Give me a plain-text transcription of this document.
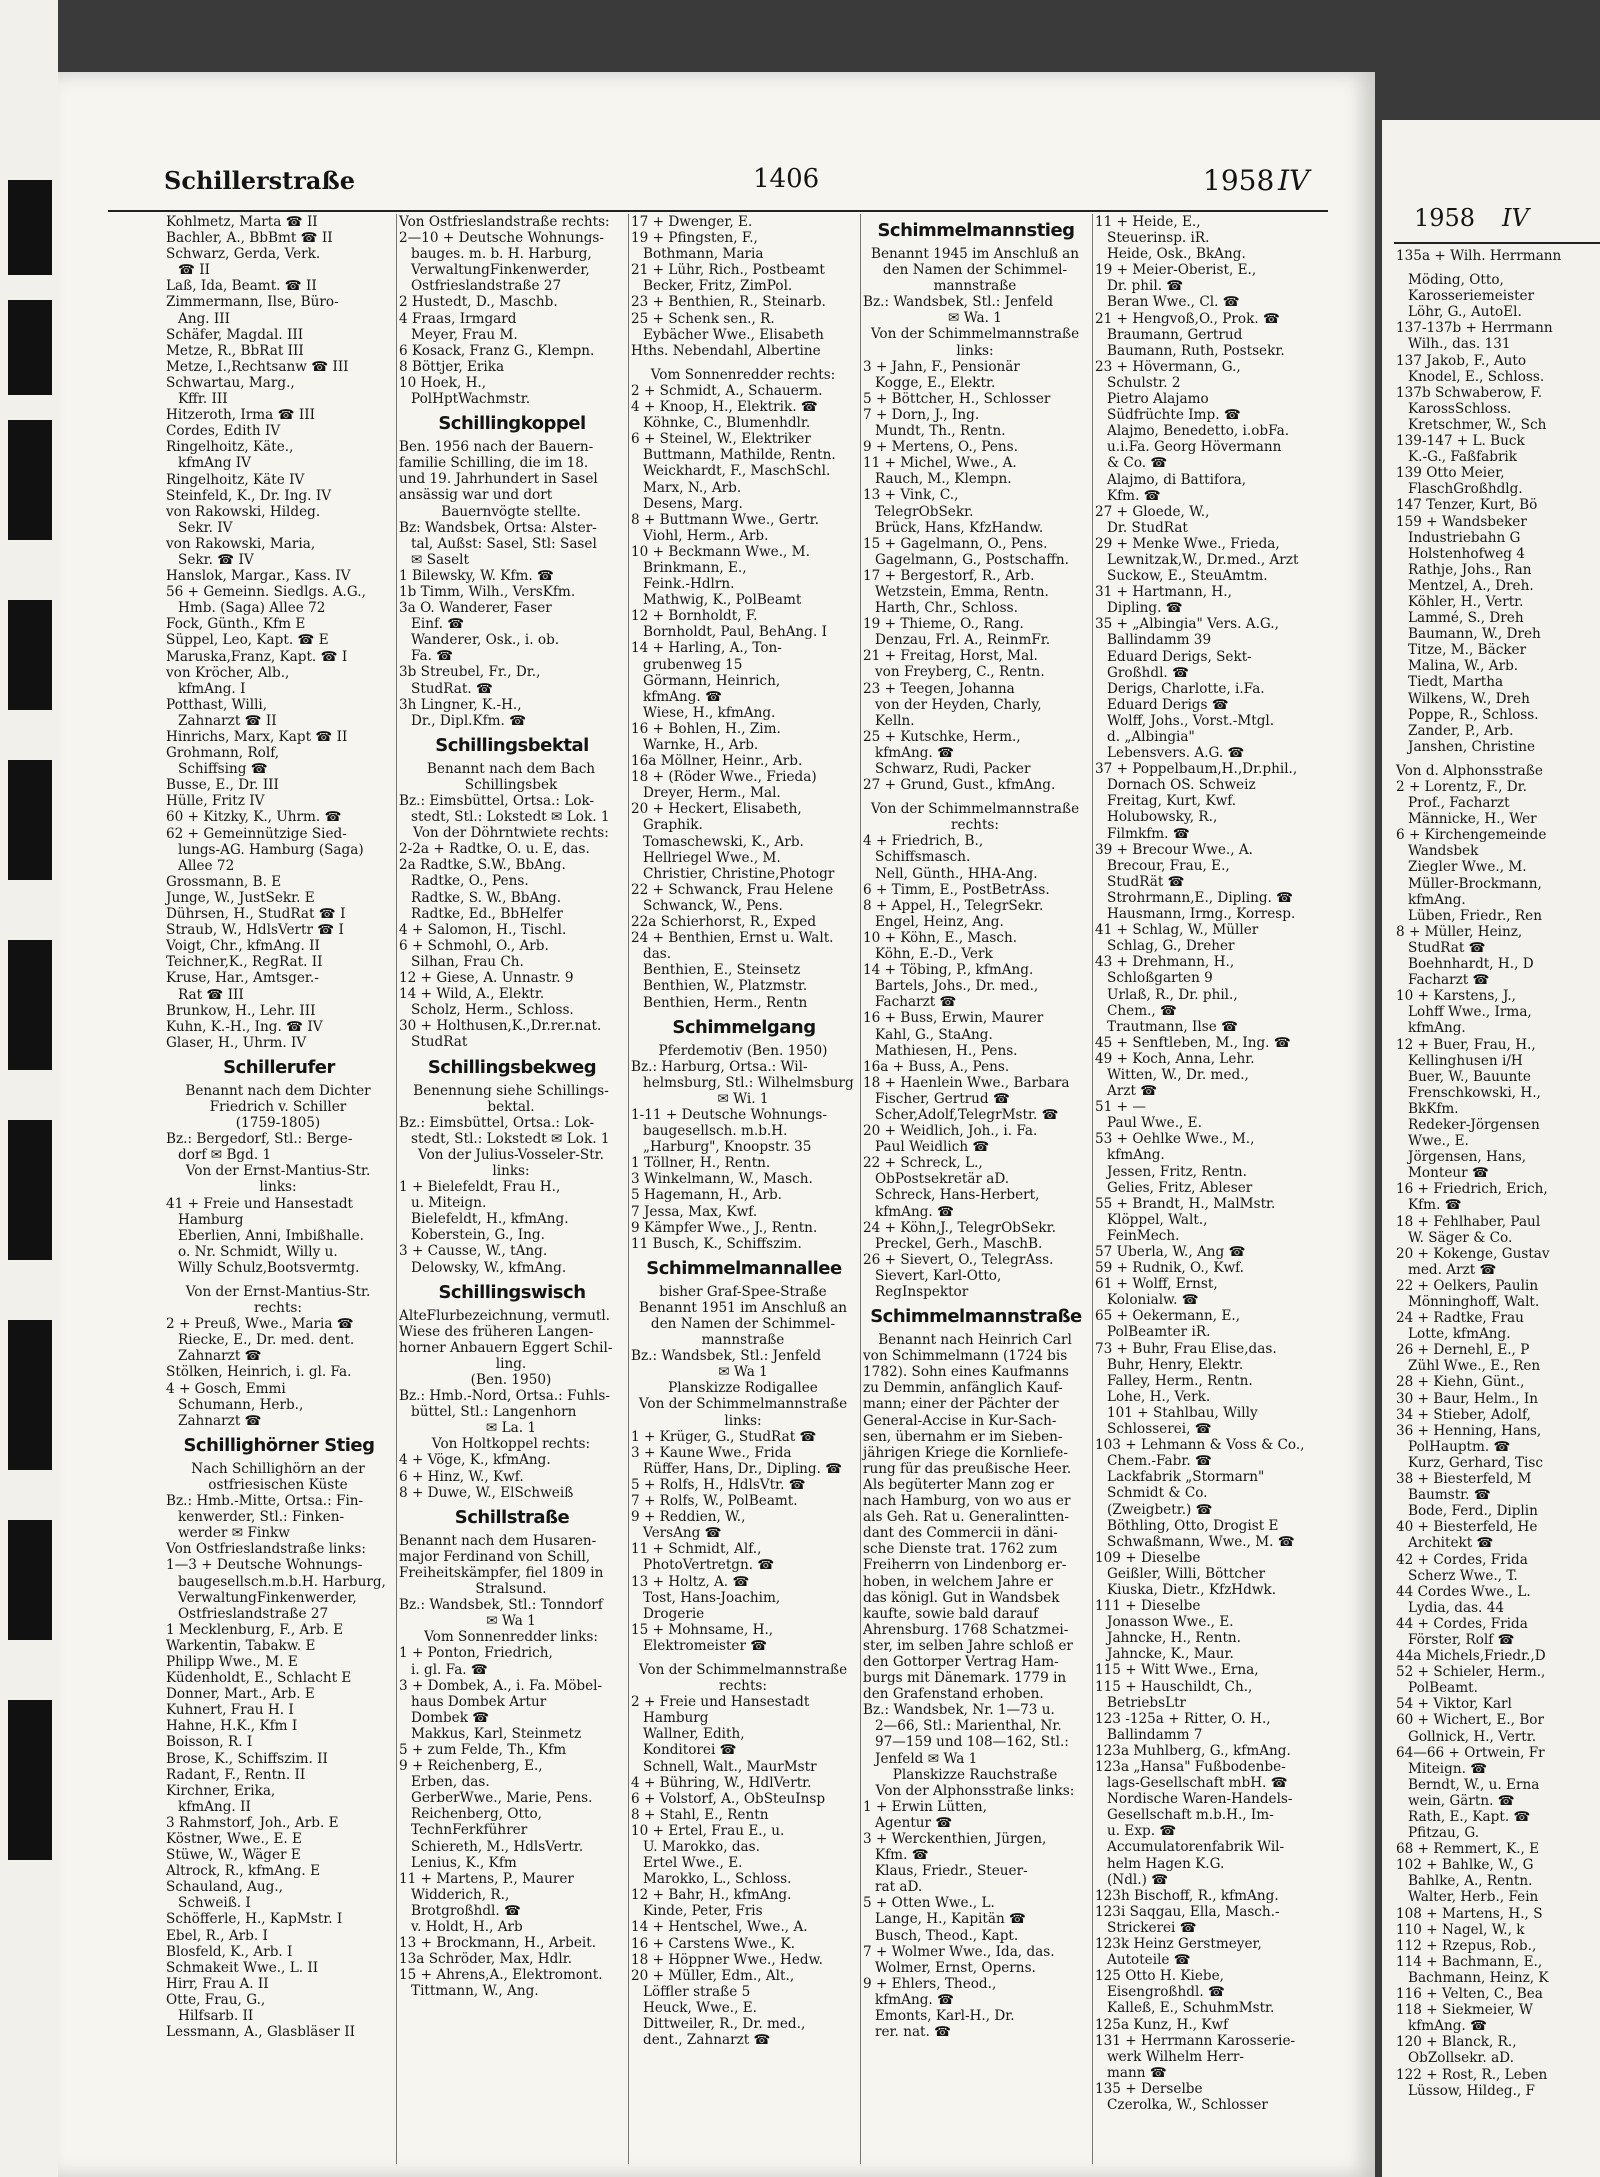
Schillerstraße	1406	1958 IV
Kohlmetz, Marta ☎ II
Bachler, A., BbBmt ☎ II
Schwarz, Gerda, Verk.
☎ II
Laß, Ida, Beamt. ☎ II
Zimmermann, Ilse, Büro-
Ang. III
Schäfer, Magdal. III
Metze, R., BbRat III
Metze, I.,Rechtsanw ☎ III
Schwartau, Marg.,
Kffr. III
Hitzeroth, Irma ☎ III
Cordes, Edith IV
Ringelhoitz, Käte.,
kfmAng IV
Ringelhoitz, Käte IV
Steinfeld, K., Dr. Ing. IV
von Rakowski, Hildeg.
Sekr. IV
von Rakowski, Maria,
Sekr. ☎ IV
Hanslok, Margar., Kass. IV
56 + Gemeinn. Siedlgs. A.G.,
Hmb. (Saga) Allee 72
Fock, Günth., Kfm E
Süppel, Leo, Kapt. ☎ E
Maruska,Franz, Kapt. ☎ I
von Kröcher, Alb.,
kfmAng. I
Potthast, Willi,
Zahnarzt ☎ II
Hinrichs, Marx, Kapt ☎ II
Grohmann, Rolf,
Schiffsing ☎
Busse, E., Dr. III
Hülle, Fritz IV
60 + Kitzky, K., Uhrm. ☎
62 + Gemeinnützige Sied-
lungs-AG. Hamburg (Saga)
Allee 72
Grossmann, B. E
Junge, W., JustSekr. E
Dührsen, H., StudRat ☎ I
Straub, W., HdlsVertr ☎ I
Voigt, Chr., kfmAng. II
Teichner,K., RegRat. II
Kruse, Har., Amtsger.-
Rat ☎ III
Brunkow, H., Lehr. III
Kuhn, K.-H., Ing. ☎ IV
Glaser, H., Uhrm. IV
Schillerufer
Benannt nach dem Dichter
Friedrich v. Schiller
(1759-1805)
Bz.: Bergedorf, Stl.: Berge-
dorf ✉ Bgd. 1
Von der Ernst-Mantius-Str.
links:
41 + Freie und Hansestadt
Hamburg
Eberlien, Anni, Imbißhalle.
o. Nr. Schmidt, Willy u.
Willy Schulz,Bootsvermtg.
Von der Ernst-Mantius-Str.
rechts:
2 + Preuß, Wwe., Maria ☎
Riecke, E., Dr. med. dent.
Zahnarzt ☎
Stölken, Heinrich, i. gl. Fa.
4 + Gosch, Emmi
Schumann, Herb.,
Zahnarzt ☎
Schillighörner Stieg
Nach Schillighörn an der
ostfriesischen Küste
Bz.: Hmb.-Mitte, Ortsa.: Fin-
kenwerder, Stl.: Finken-
werder ✉ Finkw
Von Ostfrieslandstraße links:
1—3 + Deutsche Wohnungs-
baugesellsch.m.b.H. Harburg,
VerwaltungFinkenwerder,
Ostfrieslandstraße 27
1 Mecklenburg, F., Arb. E
Warkentin, Tabakw. E
Philipp Wwe., M. E
Küdenholdt, E., Schlacht E
Donner, Mart., Arb. E
Kuhnert, Frau H. I
Hahne, H.K., Kfm I
Boisson, R. I
Brose, K., Schiffszim. II
Radant, F., Rentn. II
Kirchner, Erika,
kfmAng. II
3 Rahmstorf, Joh., Arb. E
Köstner, Wwe., E. E
Stüwe, W., Wäger E
Altrock, R., kfmAng. E
Schauland, Aug.,
Schweiß. I
Schöfferle, H., KapMstr. I
Ebel, R., Arb. I
Blosfeld, K., Arb. I
Schmakeit Wwe., L. II
Hirr, Frau A. II
Otte, Frau, G.,
Hilfsarb. II
Lessmann, A., Glasbläser II
Von Ostfrieslandstraße rechts:
2—10 + Deutsche Wohnungs-
bauges. m. b. H. Harburg,
VerwaltungFinkenwerder,
Ostfrieslandstraße 27
2 Hustedt, D., Maschb.
4 Fraas, Irmgard
Meyer, Frau M.
6 Kosack, Franz G., Klempn.
8 Böttjer, Erika
10 Hoek, H.,
PolHptWachmstr.
Schillingkoppel
Ben. 1956 nach der Bauern-
familie Schilling, die im 18.
und 19. Jahrhundert in Sasel
ansässig war und dort
Bauernvögte stellte.
Bz: Wandsbek, Ortsa: Alster-
tal, Außst: Sasel, Stl: Sasel
✉ Saselt
1 Bilewsky, W. Kfm. ☎
1b Timm, Wilh., VersKfm.
3a O. Wanderer, Faser
Einf. ☎
Wanderer, Osk., i. ob.
Fa. ☎
3b Streubel, Fr., Dr.,
StudRat. ☎
3h Lingner, K.-H.,
Dr., Dipl.Kfm. ☎
Schillingsbektal
Benannt nach dem Bach
Schillingsbek
Bz.: Eimsbüttel, Ortsa.: Lok-
stedt, Stl.: Lokstedt ✉ Lok. 1
Von der Döhrntwiete rechts:
2-2a + Radtke, O. u. E, das.
2a Radtke, S.W., BbAng.
Radtke, O., Pens.
Radtke, S. W., BbAng.
Radtke, Ed., BbHelfer
4 + Salomon, H., Tischl.
6 + Schmohl, O., Arb.
Silhan, Frau Ch.
12 + Giese, A. Unnastr. 9
14 + Wild, A., Elektr.
Scholz, Herm., Schloss.
30 + Holthusen,K.,Dr.rer.nat.
StudRat
Schillingsbekweg
Benennung siehe Schillings-
bektal.
Bz.: Eimsbüttel, Ortsa.: Lok-
stedt, Stl.: Lokstedt ✉ Lok. 1
Von der Julius-Vosseler-Str.
links:
1 + Bielefeldt, Frau H.,
u. Miteign.
Bielefeldt, H., kfmAng.
Koberstein, G., Ing.
3 + Causse, W., tAng.
Delowsky, W., kfmAng.
Schillingswisch
AlteFlurbezeichnung, vermutl.
Wiese des früheren Langen-
horner Anbauern Eggert Schil-
ling.
(Ben. 1950)
Bz.: Hmb.-Nord, Ortsa.: Fuhls-
büttel, Stl.: Langenhorn
✉ La. 1
Von Holtkoppel rechts:
4 + Vöge, K., kfmAng.
6 + Hinz, W., Kwf.
8 + Duwe, W., ElSchweiß
Schillstraße
Benannt nach dem Husaren-
major Ferdinand von Schill,
Freiheitskämpfer, fiel 1809 in
Stralsund.
Bz.: Wandsbek, Stl.: Tonndorf
✉ Wa 1
Vom Sonnenredder links:
1 + Ponton, Friedrich,
i. gl. Fa. ☎
3 + Dombek, A., i. Fa. Möbel-
haus Dombek Artur
Dombek ☎
Makkus, Karl, Steinmetz
5 + zum Felde, Th., Kfm
9 + Reichenberg, E.,
Erben, das.
GerberWwe., Marie, Pens.
Reichenberg, Otto,
TechnFerkführer
Schiereth, M., HdlsVertr.
Lenius, K., Kfm
11 + Martens, P., Maurer
Widderich, R.,
Brotgroßhdl. ☎
v. Holdt, H., Arb
13 + Brockmann, H., Arbeit.
13a Schröder, Max, Hdlr.
15 + Ahrens,A., Elektromont.
Tittmann, W., Ang.
17 + Dwenger, E.
19 + Pfingsten, F.,
Bothmann, Maria
21 + Lühr, Rich., Postbeamt
Becker, Fritz, ZimPol.
23 + Benthien, R., Steinarb.
25 + Schenk sen., R.
Eybächer Wwe., Elisabeth
Hths. Nebendahl, Albertine
Vom Sonnenredder rechts:
2 + Schmidt, A., Schauerm.
4 + Knoop, H., Elektrik. ☎
Köhnke, C., Blumenhdlr.
6 + Steinel, W., Elektriker
Buttmann, Mathilde, Rentn.
Weickhardt, F., MaschSchl.
Marx, N., Arb.
Desens, Marg.
8 + Buttmann Wwe., Gertr.
Viohl, Herm., Arb.
10 + Beckmann Wwe., M.
Brinkmann, E.,
Feink.-Hdlrn.
Mathwig, K., PolBeamt
12 + Bornholdt, F.
Bornholdt, Paul, BehAng. I
14 + Harling, A., Ton-
grubenweg 15
Görmann, Heinrich,
kfmAng. ☎
Wiese, H., kfmAng.
16 + Bohlen, H., Zim.
Warnke, H., Arb.
16a Möllner, Heinr., Arb.
18 + (Röder Wwe., Frieda)
Dreyer, Herm., Mal.
20 + Heckert, Elisabeth,
Graphik.
Tomaschewski, K., Arb.
Hellriegel Wwe., M.
Christier, Christine,Photogr
22 + Schwanck, Frau Helene
Schwanck, W., Pens.
22a Schierhorst, R., Exped
24 + Benthien, Ernst u. Walt.
das.
Benthien, E., Steinsetz
Benthien, W., Platzmstr.
Benthien, Herm., Rentn
Schimmelgang
Pferdemotiv (Ben. 1950)
Bz.: Harburg, Ortsa.: Wil-
helmsburg, Stl.: Wilhelmsburg
✉ Wi. 1
1-11 + Deutsche Wohnungs-
baugesellsch. m.b.H.
„Harburg", Knoopstr. 35
1 Töllner, H., Rentn.
3 Winkelmann, W., Masch.
5 Hagemann, H., Arb.
7 Jessa, Max, Kwf.
9 Kämpfer Wwe., J., Rentn.
11 Busch, K., Schiffszim.
Schimmelmannallee
bisher Graf-Spee-Straße
Benannt 1951 im Anschluß an
den Namen der Schimmel-
mannstraße
Bz.: Wandsbek, Stl.: Jenfeld
✉ Wa 1
Planskizze Rodigallee
Von der Schimmelmannstraße
links:
1 + Krüger, G., StudRat ☎
3 + Kaune Wwe., Frida
Rüffer, Hans, Dr., Dipling. ☎
5 + Rolfs, H., HdlsVtr. ☎
7 + Rolfs, W., PolBeamt.
9 + Reddien, W.,
VersAng ☎
11 + Schmidt, Alf.,
PhotoVertretgn. ☎
13 + Holtz, A. ☎
Tost, Hans-Joachim,
Drogerie
15 + Mohnsame, H.,
Elektromeister ☎
Von der Schimmelmannstraße
rechts:
2 + Freie und Hansestadt
Hamburg
Wallner, Edith,
Konditorei ☎
Schnell, Walt., MaurMstr
4 + Bühring, W., HdlVertr.
6 + Volstorf, A., ObSteuInsp
8 + Stahl, E., Rentn
10 + Ertel, Frau E., u.
U. Marokko, das.
Ertel Wwe., E.
Marokko, L., Schloss.
12 + Bahr, H., kfmAng.
Kinde, Peter, Fris
14 + Hentschel, Wwe., A.
16 + Carstens Wwe., K.
18 + Höppner Wwe., Hedw.
20 + Müller, Edm., Alt.,
Löffler straße 5
Heuck, Wwe., E.
Dittweiler, R., Dr. med.,
dent., Zahnarzt ☎
Schimmelmannstieg
Benannt 1945 im Anschluß an
den Namen der Schimmel-
mannstraße
Bz.: Wandsbek, Stl.: Jenfeld
✉ Wa. 1
Von der Schimmelmannstraße
links:
3 + Jahn, F., Pensionär
Kogge, E., Elektr.
5 + Böttcher, H., Schlosser
7 + Dorn, J., Ing.
Mundt, Th., Rentn.
9 + Mertens, O., Pens.
11 + Michel, Wwe., A.
Rauch, M., Klempn.
13 + Vink, C.,
TelegrObSekr.
Brück, Hans, KfzHandw.
15 + Gagelmann, O., Pens.
Gagelmann, G., Postschaffn.
17 + Bergestorf, R., Arb.
Wetzstein, Emma, Rentn.
Harth, Chr., Schloss.
19 + Thieme, O., Rang.
Denzau, Frl. A., ReinmFr.
21 + Freitag, Horst, Mal.
von Freyberg, C., Rentn.
23 + Teegen, Johanna
von der Heyden, Charly,
Kelln.
25 + Kutschke, Herm.,
kfmAng. ☎
Schwarz, Rudi, Packer
27 + Grund, Gust., kfmAng.
Von der Schimmelmannstraße
rechts:
4 + Friedrich, B.,
Schiffsmasch.
Nell, Günth., HHA-Ang.
6 + Timm, E., PostBetrAss.
8 + Appel, H., TelegrSekr.
Engel, Heinz, Ang.
10 + Köhn, E., Masch.
Köhn, E.-D., Verk
14 + Töbing, P., kfmAng.
Bartels, Johs., Dr. med.,
Facharzt ☎
16 + Buss, Erwin, Maurer
Kahl, G., StaAng.
Mathiesen, H., Pens.
16a + Buss, A., Pens.
18 + Haenlein Wwe., Barbara
Fischer, Gertrud ☎
Scher,Adolf,TelegrMstr. ☎
20 + Weidlich, Joh., i. Fa.
Paul Weidlich ☎
22 + Schreck, L.,
ObPostsekretär aD.
Schreck, Hans-Herbert,
kfmAng. ☎
24 + Köhn,J., TelegrObSekr.
Preckel, Gerh., MaschB.
26 + Sievert, O., TelegrAss.
Sievert, Karl-Otto,
RegInspektor
Schimmelmannstraße
Benannt nach Heinrich Carl
von Schimmelmann (1724 bis
1782). Sohn eines Kaufmanns
zu Demmin, anfänglich Kauf-
mann; einer der Pächter der
General-Accise in Kur-Sach-
sen, übernahm er im Sieben-
jährigen Kriege die Kornliefe-
rung für das preußische Heer.
Als begüterter Mann zog er
nach Hamburg, von wo aus er
als Geh. Rat u. Generalintten-
dant des Commercii in däni-
sche Dienste trat. 1762 zum
Freiherrn von Lindenborg er-
hoben, in welchem Jahre er
das königl. Gut in Wandsbek
kaufte, sowie bald darauf
Ahrensburg. 1768 Schatzmei-
ster, im selben Jahre schloß er
den Gottorper Vertrag Ham-
burgs mit Dänemark. 1779 in
den Grafenstand erhoben.
Bz.: Wandsbek, Nr. 1—73 u.
2—66, Stl.: Marienthal, Nr.
97—159 und 108—162, Stl.:
Jenfeld ✉ Wa 1
Planskizze Rauchstraße
Von der Alphonsstraße links:
1 + Erwin Lütten,
Agentur ☎
3 + Werckenthien, Jürgen,
Kfm. ☎
Klaus, Friedr., Steuer-
rat aD.
5 + Otten Wwe., L.
Lange, H., Kapitän ☎
Busch, Theod., Kapt.
7 + Wolmer Wwe., Ida, das.
Wolmer, Ernst, Operns.
9 + Ehlers, Theod.,
kfmAng. ☎
Emonts, Karl-H., Dr.
rer. nat. ☎
11 + Heide, E.,
Steuerinsp. iR.
Heide, Osk., BkAng.
19 + Meier-Oberist, E.,
Dr. phil. ☎
Beran Wwe., Cl. ☎
21 + Hengvoß,O., Prok. ☎
Braumann, Gertrud
Baumann, Ruth, Postsekr.
23 + Hövermann, G.,
Schulstr. 2
Pietro Alajamo
Südfrüchte Imp. ☎
Alajmo, Benedetto, i.obFa.
u.i.Fa. Georg Hövermann
& Co. ☎
Alajmo, di Battifora,
Kfm. ☎
27 + Gloede, W.,
Dr. StudRat
29 + Menke Wwe., Frieda,
Lewnitzak,W., Dr.med., Arzt
Suckow, E., SteuAmtm.
31 + Hartmann, H.,
Dipling. ☎
35 + „Albingia" Vers. A.G.,
Ballindamm 39
Eduard Derigs, Sekt-
Großhdl. ☎
Derigs, Charlotte, i.Fa.
Eduard Derigs ☎
Wolff, Johs., Vorst.-Mtgl.
d. „Albingia"
Lebensvers. A.G. ☎
37 + Poppelbaum,H.,Dr.phil.,
Dornach OS. Schweiz
Freitag, Kurt, Kwf.
Holubowsky, R.,
Filmkfm. ☎
39 + Brecour Wwe., A.
Brecour, Frau, E.,
StudRät ☎
Strohrmann,E., Dipling. ☎
Hausmann, Irmg., Korresp.
41 + Schlag, W., Müller
Schlag, G., Dreher
43 + Drehmann, H.,
Schloßgarten 9
Urlaß, R., Dr. phil.,
Chem., ☎
Trautmann, Ilse ☎
45 + Senftleben, M., Ing. ☎
49 + Koch, Anna, Lehr.
Witten, W., Dr. med.,
Arzt ☎
51 + —
Paul Wwe., E.
53 + Oehlke Wwe., M.,
kfmAng.
Jessen, Fritz, Rentn.
Gelies, Fritz, Ableser
55 + Brandt, H., MalMstr.
Klöppel, Walt.,
FeinMech.
57 Uberla, W., Ang ☎
59 + Rudnik, O., Kwf.
61 + Wolff, Ernst,
Kolonialw. ☎
65 + Oekermann, E.,
PolBeamter iR.
73 + Buhr, Frau Elise,das.
Buhr, Henry, Elektr.
Falley, Herm., Rentn.
Lohe, H., Verk.
101 + Stahlbau, Willy
Schlosserei, ☎
103 + Lehmann & Voss & Co.,
Chem.-Fabr. ☎
Lackfabrik „Stormarn"
Schmidt & Co.
(Zweigbetr.) ☎
Böthling, Otto, Drogist E
Schwaßmann, Wwe., M. ☎
109 + Dieselbe
Geißler, Willi, Böttcher
Kiuska, Dietr., KfzHdwk.
111 + Dieselbe
Jonasson Wwe., E.
Jahncke, H., Rentn.
Jahncke, K., Maur.
115 + Witt Wwe., Erna,
115 + Hauschildt, Ch.,
BetriebsLtr
123 -125a + Ritter, O. H.,
Ballindamm 7
123a Muhlberg, G., kfmAng.
123a „Hansa" Fußbodenbe-
lags-Gesellschaft mbH. ☎
Nordische Waren-Handels-
Gesellschaft m.b.H., Im-
u. Exp. ☎
Accumulatorenfabrik Wil-
helm Hagen K.G.
(Ndl.) ☎
123h Bischoff, R., kfmAng.
123i Saqgau, Ella, Masch.-
Strickerei ☎
123k Heinz Gerstmeyer,
Autoteile ☎
125 Otto H. Kiebe,
Eisengroßhdl. ☎
Kalleß, E., SchuhmMstr.
125a Kunz, H., Kwf
131 + Herrmann Karosserie-
werk Wilhelm Herr-
mann ☎
135 + Derselbe
Czerolka, W., Schlosser
1958 IV
135a + Wilh. Herrmann
Möding, Otto,
Karosseriemeister
Löhr, G., AutoEl.
137-137b + Herrmann
Wilh., das. 131
137 Jakob, F., Auto
Knodel, E., Schloss.
137b Schwaberow, F.
KarossSchloss.
Kretschmer, W., Sch
139-147 + L. Buck
K.-G., Faßfabrik
139 Otto Meier,
FlaschGroßhdlg.
147 Tenzer, Kurt, Bö
159 + Wandsbeker
Industriebahn G
Holstenhofweg 4
Rathje, Johs., Ran
Mentzel, A., Dreh.
Köhler, H., Vertr.
Lammé, S., Dreh
Baumann, W., Dreh
Titze, M., Bäcker
Malina, W., Arb.
Tiedt, Martha
Wilkens, W., Dreh
Poppe, R., Schloss.
Zander, P., Arb.
Janshen, Christine
Von d. Alphonsstraße
2 + Lorentz, F., Dr.
Prof., Facharzt
Männicke, H., Wer
6 + Kirchengemeinde
Wandsbek
Ziegler Wwe., M.
Müller-Brockmann,
kfmAng.
Lüben, Friedr., Ren
8 + Müller, Heinz,
StudRat ☎
Boehnhardt, H., D
Facharzt ☎
10 + Karstens, J.,
Lohff Wwe., Irma,
kfmAng.
12 + Buer, Frau, H.,
Kellinghusen i/H
Buer, W., Bauunte
Frenschkowski, H.,
BkKfm.
Redeker-Jörgensen
Wwe., E.
Jörgensen, Hans,
Monteur ☎
16 + Friedrich, Erich,
Kfm. ☎
18 + Fehlhaber, Paul
W. Säger & Co.
20 + Kokenge, Gustav
med. Arzt ☎
22 + Oelkers, Paulin
Mönninghoff, Walt.
24 + Radtke, Frau
Lotte, kfmAng.
26 + Dernehl, E., P
Zühl Wwe., E., Ren
28 + Kiehn, Günt.,
30 + Baur, Helm., In
34 + Stieber, Adolf,
36 + Henning, Hans,
PolHauptm. ☎
Kurz, Gerhard, Tisc
38 + Biesterfeld, M
Baumstr. ☎
Bode, Ferd., Diplin
40 + Biesterfeld, He
Architekt ☎
42 + Cordes, Frida
Scherz Wwe., T.
44 Cordes Wwe., L.
Lydia, das. 44
44 + Cordes, Frida
Förster, Rolf ☎
44a Michels,Friedr.,D
52 + Schieler, Herm.,
PolBeamt.
54 + Viktor, Karl
60 + Wichert, E., Bor
Gollnick, H., Vertr.
64—66 + Ortwein, Fr
Miteign. ☎
Berndt, W., u. Erna
wein, Gärtn. ☎
Rath, E., Kapt. ☎
Pfitzau, G.
68 + Remmert, K., E
102 + Bahlke, W., G
Bahlke, A., Rentn.
Walter, Herb., Fein
108 + Martens, H., S
110 + Nagel, W., k
112 + Rzepus, Rob.,
114 + Bachmann, E.,
Bachmann, Heinz, K
116 + Velten, C., Bea
118 + Siekmeier, W
kfmAng. ☎
120 + Blanck, R.,
ObZollsekr. aD.
122 + Rost, R., Leben
Lüssow, Hildeg., F
